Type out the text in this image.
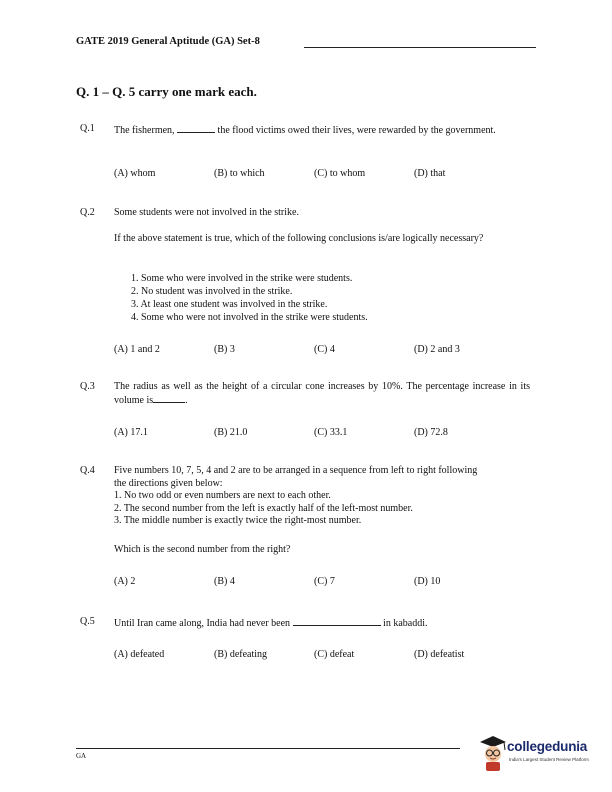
GATE 2019 General Aptitude (GA) Set-8
Q. 1 – Q. 5 carry one mark each.
Q.1 The fishermen,	the flood victims owed their lives, were rewarded by the government.
(A) whom	(B) to which	(C) to whom	(D) that
Q.2 Some students were not involved in the strike.
If the above statement is true, which of the following conclusions is/are logically necessary?
1. Some who were involved in the strike were students.
2. No student was involved in the strike.
3. At least one student was involved in the strike.
4. Some who were not involved in the strike were students.
(A) 1 and 2	(B) 3	(C) 4	(D) 2 and 3
Q.3 The radius as well as the height of a circular cone increases by 10%. The percentage increase in its volume is	.
(A) 17.1	(B) 21.0	(C) 33.1	(D) 72.8
Q.4 Five numbers 10, 7, 5, 4 and 2 are to be arranged in a sequence from left to right following
the directions given below:
1. No two odd or even numbers are next to each other.
2. The second number from the left is exactly half of the left-most number.
3. The middle number is exactly twice the right-most number.
Which is the second number from the right?
(A) 2	(B) 4	(C) 7	(D) 10
Q.5 Until Iran came along, India had never been	in kabaddi.
(A) defeated	(B) defeating	(C) defeat	(D) defeatist
GA
collegedunia
India's Largest Student Review Platform
